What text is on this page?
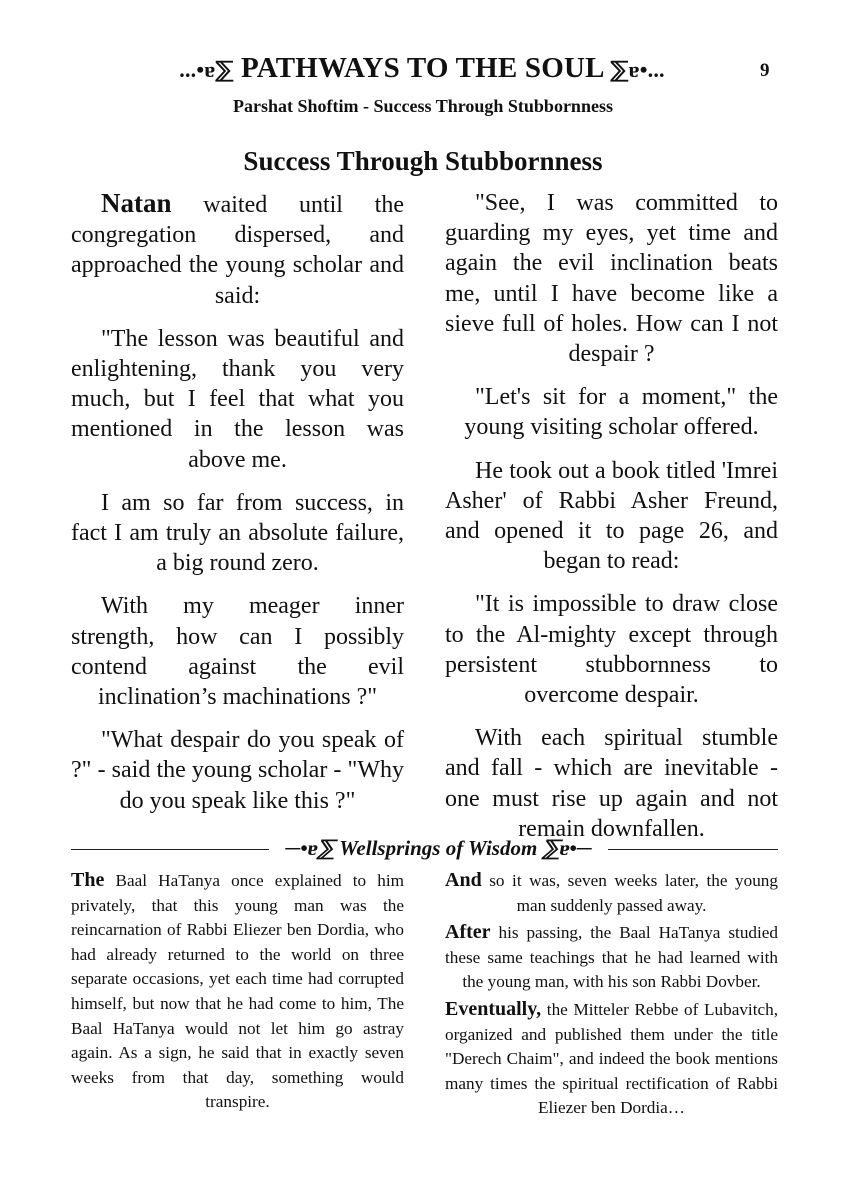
...•ɐ⅀ PATHWAYS TO THE SOUL ⅀ɐ•...	9
Parshat Shoftim - Success Through Stubbornness
Success Through Stubbornness

Natan waited until the congregation dispersed, and approached the young scholar and said:

"The lesson was beautiful and enlightening, thank you very much, but I feel that what you mentioned in the lesson was above me.

I am so far from success, in fact I am truly an absolute failure, a big round zero.

With my meager inner strength, how can I possibly contend against the evil inclination’s machinations ?"

"What despair do you speak of ?" - said the young scholar - "Why do you speak like this ?"

"See, I was committed to guarding my eyes, yet time and again the evil inclination beats me, until I have become like a sieve full of holes. How can I not despair ?

"Let's sit for a moment," the young visiting scholar offered.

He took out a book titled 'Imrei Asher' of Rabbi Asher Freund, and opened it to page 26, and began to read:

"It is impossible to draw close to the Al-mighty except through persistent stubbornness to overcome despair.

With each spiritual stumble and fall - which are inevitable - one must rise up again and not remain downfallen.

─•ɐ⅀ Wellsprings of Wisdom ⅀ɐ•─

The Baal HaTanya once explained to him privately, that this young man was the reincarnation of Rabbi Eliezer ben Dordia, who had already returned to the world on three separate occasions, yet each time had corrupted himself, but now that he had come to him, The Baal HaTanya would not let him go astray again. As a sign, he said that in exactly seven weeks from that day, something would transpire.

And so it was, seven weeks later, the young man suddenly passed away.

After his passing, the Baal HaTanya studied these same teachings that he had learned with the young man, with his son Rabbi Dovber.

Eventually, the Mitteler Rebbe of Lubavitch, organized and published them under the title "Derech Chaim", and indeed the book mentions many times the spiritual rectification of Rabbi Eliezer ben Dordia…
